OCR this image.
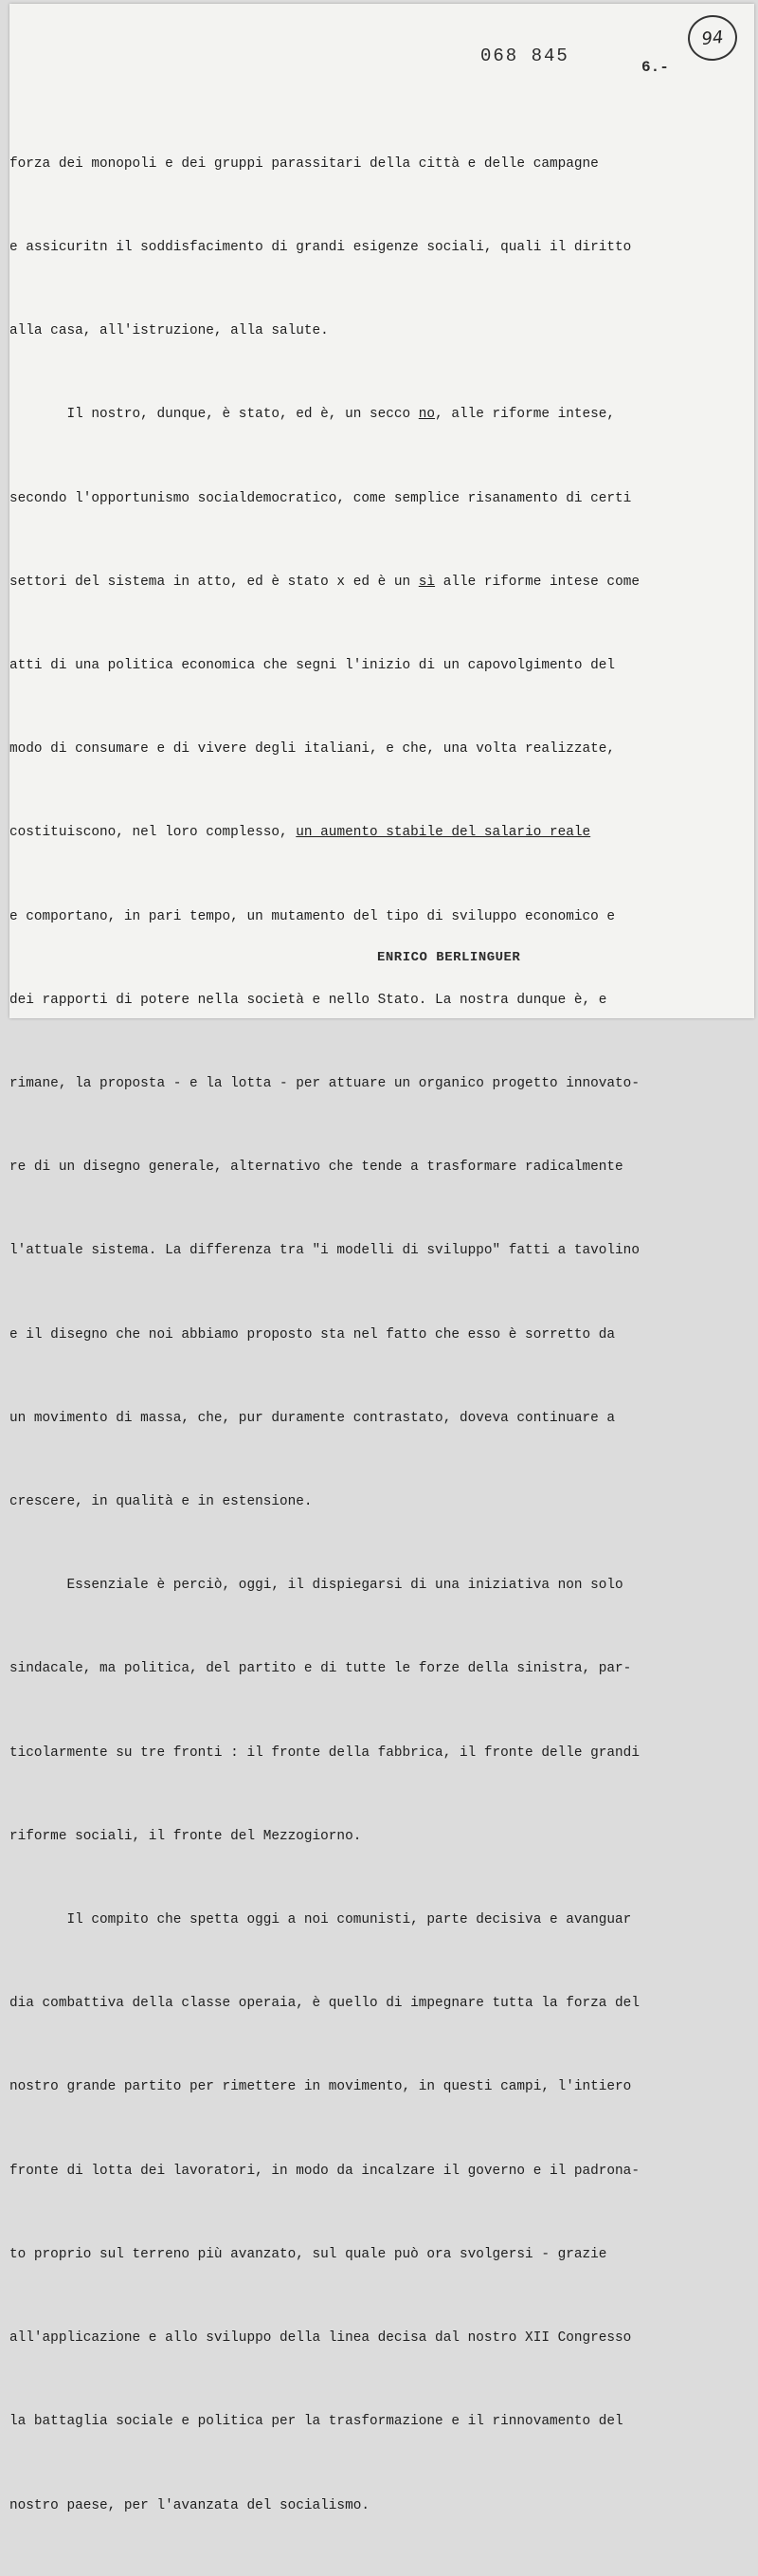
94
068 845
6.-

forza dei monopoli e dei gruppi parassitari della città e delle campagne

e assicuritn il soddisfacimento di grandi esigenze sociali, quali il diritto

alla casa, all'istruzione, alla salute.

Il nostro, dunque, è stato, ed è, un secco no, alle riforme intese,

secondo l'opportunismo socialdemocratico, come semplice risanamento di certi

settori del sistema in atto, ed è stato x ed è un sì alle riforme intese come

atti di una politica economica che segni l'inizio di un capovolgimento del

modo di consumare e di vivere degli italiani, e che, una volta realizzate,

costituiscono, nel loro complesso, un aumento stabile del salario reale

e comportano, in pari tempo, un mutamento del tipo di sviluppo economico e

dei rapporti di potere nella società e nello Stato. La nostra dunque è, e

rimane, la proposta - e la lotta - per attuare un organico progetto innovato-

re di un disegno generale, alternativo che tende a trasformare radicalmente

l'attuale sistema. La differenza tra "i modelli di sviluppo" fatti a tavolino

e il disegno che noi abbiamo proposto sta nel fatto che esso è sorretto da

un movimento di massa, che, pur duramente contrastato, doveva continuare a

crescere, in qualità e in estensione.

Essenziale è perciò, oggi, il dispiegarsi di una iniziativa non solo

sindacale, ma politica, del partito e di tutte le forze della sinistra, par-

ticolarmente su tre fronti : il fronte della fabbrica, il fronte delle grandi

riforme sociali, il fronte del Mezzogiorno.

Il compito che spetta oggi a noi comunisti, parte decisiva e avanguar

dia combattiva della classe operaia, è quello di impegnare tutta la forza del

nostro grande partito per rimettere in movimento, in questi campi, l'intiero

fronte di lotta dei lavoratori, in modo da incalzare il governo e il padrona-

to proprio sul terreno più avanzato, sul quale può ora svolgersi - grazie

all'applicazione e allo sviluppo della linea decisa dal nostro XII Congresso

la battaglia sociale e politica per la trasformazione e il rinnovamento del

nostro paese, per l'avanzata del socialismo.

ENRICO BERLINGUER
